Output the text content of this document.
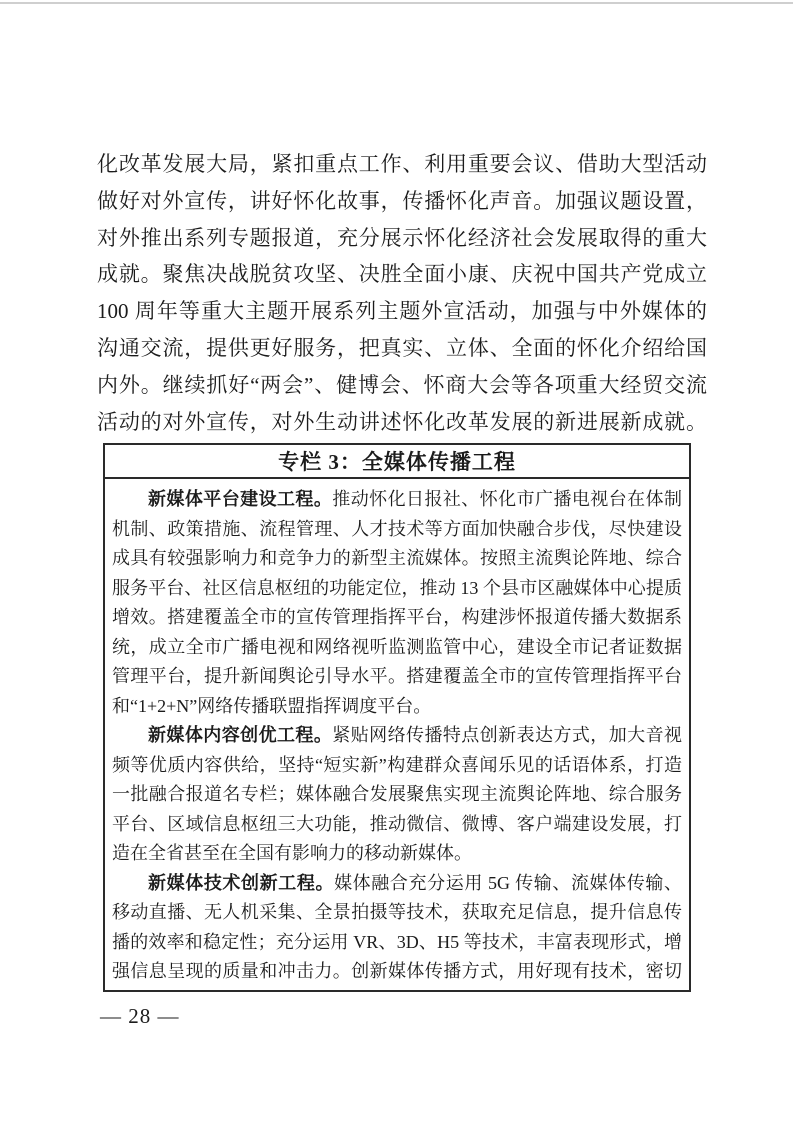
化改革发展大局，紧扣重点工作、利用重要会议、借助大型活动
做好对外宣传，讲好怀化故事，传播怀化声音。加强议题设置，
对外推出系列专题报道，充分展示怀化经济社会发展取得的重大
成就。聚焦决战脱贫攻坚、决胜全面小康、庆祝中国共产党成立
100 周年等重大主题开展系列主题外宣活动，加强与中外媒体的
沟通交流，提供更好服务，把真实、立体、全面的怀化介绍给国
内外。继续抓好“两会”、健博会、怀商大会等各项重大经贸交流
活动的对外宣传，对外生动讲述怀化改革发展的新进展新成就。
专栏 3：全媒体传播工程
新媒体平台建设工程。推动怀化日报社、怀化市广播电视台在体制
机制、政策措施、流程管理、人才技术等方面加快融合步伐，尽快建设
成具有较强影响力和竞争力的新型主流媒体。按照主流舆论阵地、综合
服务平台、社区信息枢纽的功能定位，推动 13 个县市区融媒体中心提质
增效。搭建覆盖全市的宣传管理指挥平台，构建涉怀报道传播大数据系
统，成立全市广播电视和网络视听监测监管中心，建设全市记者证数据
管理平台，提升新闻舆论引导水平。搭建覆盖全市的宣传管理指挥平台
和“1+2+N”网络传播联盟指挥调度平台。
新媒体内容创优工程。紧贴网络传播特点创新表达方式，加大音视
频等优质内容供给，坚持“短实新”构建群众喜闻乐见的话语体系，打造
一批融合报道名专栏；媒体融合发展聚焦实现主流舆论阵地、综合服务
平台、区域信息枢纽三大功能，推动微信、微博、客户端建设发展，打
造在全省甚至在全国有影响力的移动新媒体。
新媒体技术创新工程。媒体融合充分运用 5G 传输、流媒体传输、
移动直播、无人机采集、全景拍摄等技术，获取充足信息，提升信息传
播的效率和稳定性；充分运用 VR、3D、H5 等技术，丰富表现形式，增
强信息呈现的质量和冲击力。创新媒体传播方式，用好现有技术，密切
— 28 —
